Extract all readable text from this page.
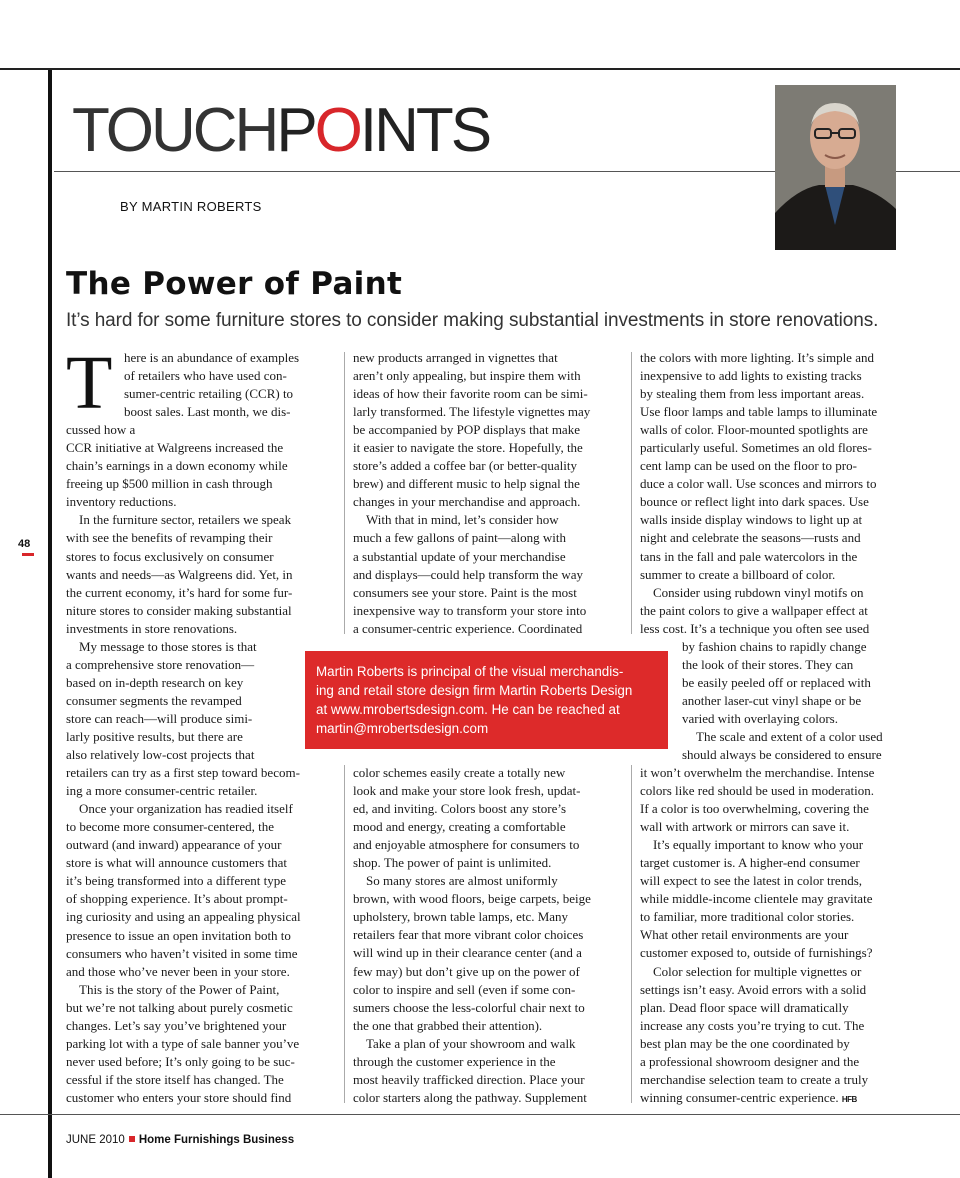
TOUCHPOINTS
BY MARTIN ROBERTS
The Power of Paint
It’s hard for some furniture stores to consider making substantial investments in store renovations.
48
T here is an abundance of examples

of retailers who have used con-

sumer-centric retailing (CCR) to

boost sales. Last month, we dis-

cussed how a

CCR initiative at Walgreens increased the

chain’s earnings in a down economy while

freeing up $500 million in cash through

inventory reductions.

In the furniture sector, retailers we speak

with see the benefits of revamping their

stores to focus exclusively on consumer

wants and needs—as Walgreens did. Yet, in

the current economy, it’s hard for some fur-

niture stores to consider making substantial

investments in store renovations.

My message to those stores is that

a comprehensive store renovation—

based on in-depth research on key

consumer segments the revamped

store can reach—will produce simi-

larly positive results, but there are

also relatively low-cost projects that

retailers can try as a first step toward becom-

ing a more consumer-centric retailer.

Once your organization has readied itself

to become more consumer-centered, the

outward (and inward) appearance of your

store is what will announce customers that

it’s being transformed into a different type

of shopping experience. It’s about prompt-

ing curiosity and using an appealing physical

presence to issue an open invitation both to

consumers who haven’t visited in some time

and those who’ve never been in your store.

This is the story of the Power of Paint,

but we’re not talking about purely cosmetic

changes. Let’s say you’ve brightened your

parking lot with a type of sale banner you’ve

never used before; It’s only going to be suc-

cessful if the store itself has changed. The

customer who enters your store should find

new products arranged in vignettes that

aren’t only appealing, but inspire them with

ideas of how their favorite room can be simi-

larly transformed. The lifestyle vignettes may

be accompanied by POP displays that make

it easier to navigate the store. Hopefully, the

store’s added a coffee bar (or better-quality

brew) and different music to help signal the

changes in your merchandise and approach.

With that in mind, let’s consider how

much a few gallons of paint—along with

a substantial update of your merchandise

and displays—could help transform the way

consumers see your store. Paint is the most

inexpensive way to transform your store into

a consumer-centric experience. Coordinated

color schemes easily create a totally new

look and make your store look fresh, updat-

ed, and inviting. Colors boost any store’s

mood and energy, creating a comfortable

and enjoyable atmosphere for consumers to

shop. The power of paint is unlimited.

So many stores are almost uniformly

brown, with wood floors, beige carpets, beige

upholstery, brown table lamps, etc. Many

retailers fear that more vibrant color choices

will wind up in their clearance center (and a

few may) but don’t give up on the power of

color to inspire and sell (even if some con-

sumers choose the less-colorful chair next to

the one that grabbed their attention).

Take a plan of your showroom and walk

through the customer experience in the

most heavily trafficked direction. Place your

color starters along the pathway. Supplement

the colors with more lighting. It’s simple and

inexpensive to add lights to existing tracks

by stealing them from less important areas.

Use floor lamps and table lamps to illuminate

walls of color. Floor-mounted spotlights are

particularly useful. Sometimes an old flores-

cent lamp can be used on the floor to pro-

duce a color wall. Use sconces and mirrors to

bounce or reflect light into dark spaces. Use

walls inside display windows to light up at

night and celebrate the seasons—rusts and

tans in the fall and pale watercolors in the

summer to create a billboard of color.

Consider using rubdown vinyl motifs on

the paint colors to give a wallpaper effect at

less cost. It’s a technique you often see used

by fashion chains to rapidly change

the look of their stores. They can

be easily peeled off or replaced with

another laser-cut vinyl shape or be

varied with overlaying colors.

The scale and extent of a color used

should always be considered to ensure

it won’t overwhelm the merchandise. Intense

colors like red should be used in moderation.

If a color is too overwhelming, covering the

wall with artwork or mirrors can save it.

It’s equally important to know who your

target customer is. A higher-end consumer

will expect to see the latest in color trends,

while middle-income clientele may gravitate

to familiar, more traditional color stories.

What other retail environments are your

customer exposed to, outside of furnishings?

Color selection for multiple vignettes or

settings isn’t easy. Avoid errors with a solid

plan. Dead floor space will dramatically

increase any costs you’re trying to cut. The

best plan may be the one coordinated by

a professional showroom designer and the

merchandise selection team to create a truly

winning consumer-centric experience. HFB

Martin Roberts is principal of the visual merchandis-

ing and retail store design firm Martin Roberts Design

at www.mrobertsdesign.com. He can be reached at

martin@mrobertsdesign.com

JUNE 2010 Home Furnishings Business
